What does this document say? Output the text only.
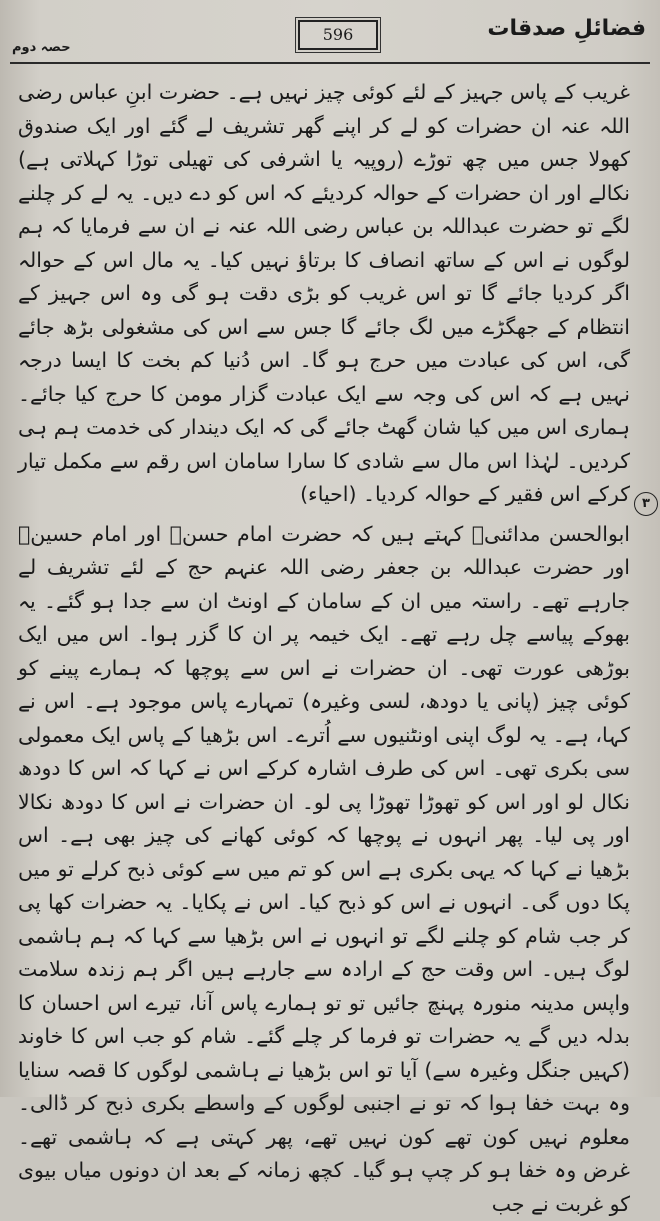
فضائلِ صدقات
596
حصہ دوم

غریب کے پاس جہیز کے لئے کوئی چیز نہیں ہے۔ حضرت ابنِ عباس رضی اللہ عنہ ان حضرات کو لے کر اپنے گھر تشریف لے گئے اور ایک صندوق کھولا جس میں چھ توڑے (روپیہ یا اشرفی کی تھیلی توڑا کہلاتی ہے) نکالے اور ان حضرات کے حوالہ کردیئے کہ اس کو دے دیں۔ یہ لے کر چلنے لگے تو حضرت عبداللہ بن عباس رضی اللہ عنہ نے ان سے فرمایا کہ ہم لوگوں نے اس کے ساتھ انصاف کا برتاؤ نہیں کیا۔ یہ مال اس کے حوالہ اگر کردیا جائے گا تو اس غریب کو بڑی دقت ہو گی وہ اس جہیز کے انتظام کے جھگڑے میں لگ جائے گا جس سے اس کی مشغولی بڑھ جائے گی، اس کی عبادت میں حرج ہو گا۔ اس دُنیا کم بخت کا ایسا درجہ نہیں ہے کہ اس کی وجہ سے ایک عبادت گزار مومن کا حرج کیا جائے۔ ہماری اس میں کیا شان گھٹ جائے گی کہ ایک دیندار کی خدمت ہم ہی کردیں۔ لہٰذا اس مال سے شادی کا سارا سامان اس رقم سے مکمل تیار کرکے اس فقیر کے حوالہ کردیا۔ (احیاء)

ابوالحسن مدائنیؒ کہتے ہیں کہ حضرت امام حسنؓ اور امام حسینؓ اور حضرت عبداللہ بن جعفر رضی اللہ عنہم حج کے لئے تشریف لے جارہے تھے۔ راستہ میں ان کے سامان کے اونٹ ان سے جدا ہو گئے۔ یہ بھوکے پیاسے چل رہے تھے۔ ایک خیمہ پر ان کا گزر ہوا۔ اس میں ایک بوڑھی عورت تھی۔ ان حضرات نے اس سے پوچھا کہ ہمارے پینے کو کوئی چیز (پانی یا دودھ، لسی وغیرہ) تمہارے پاس موجود ہے۔ اس نے کہا، ہے۔ یہ لوگ اپنی اونٹنیوں سے اُترے۔ اس بڑھیا کے پاس ایک معمولی سی بکری تھی۔ اس کی طرف اشارہ کرکے اس نے کہا کہ اس کا دودھ نکال لو اور اس کو تھوڑا تھوڑا پی لو۔ ان حضرات نے اس کا دودھ نکالا اور پی لیا۔ پھر انہوں نے پوچھا کہ کوئی کھانے کی چیز بھی ہے۔ اس بڑھیا نے کہا کہ یہی بکری ہے اس کو تم میں سے کوئی ذبح کرلے تو میں پکا دوں گی۔ انہوں نے اس کو ذبح کیا۔ اس نے پکایا۔ یہ حضرات کھا پی کر جب شام کو چلنے لگے تو انہوں نے اس بڑھیا سے کہا کہ ہم ہاشمی لوگ ہیں۔ اس وقت حج کے ارادہ سے جارہے ہیں اگر ہم زندہ سلامت واپس مدینہ منورہ پہنچ جائیں تو تو ہمارے پاس آنا، تیرے اس احسان کا بدلہ دیں گے یہ حضرات تو فرما کر چلے گئے۔ شام کو جب اس کا خاوند (کہیں جنگل وغیرہ سے) آیا تو اس بڑھیا نے ہاشمی لوگوں کا قصہ سنایا وہ بہت خفا ہوا کہ تو نے اجنبی لوگوں کے واسطے بکری ذبح کر ڈالی۔ معلوم نہیں کون تھے کون نہیں تھے، پھر کہتی ہے کہ ہاشمی تھے۔ غرض وہ خفا ہو کر چپ ہو گیا۔ کچھ زمانہ کے بعد ان دونوں میاں بیوی کو غربت نے جب

۳
